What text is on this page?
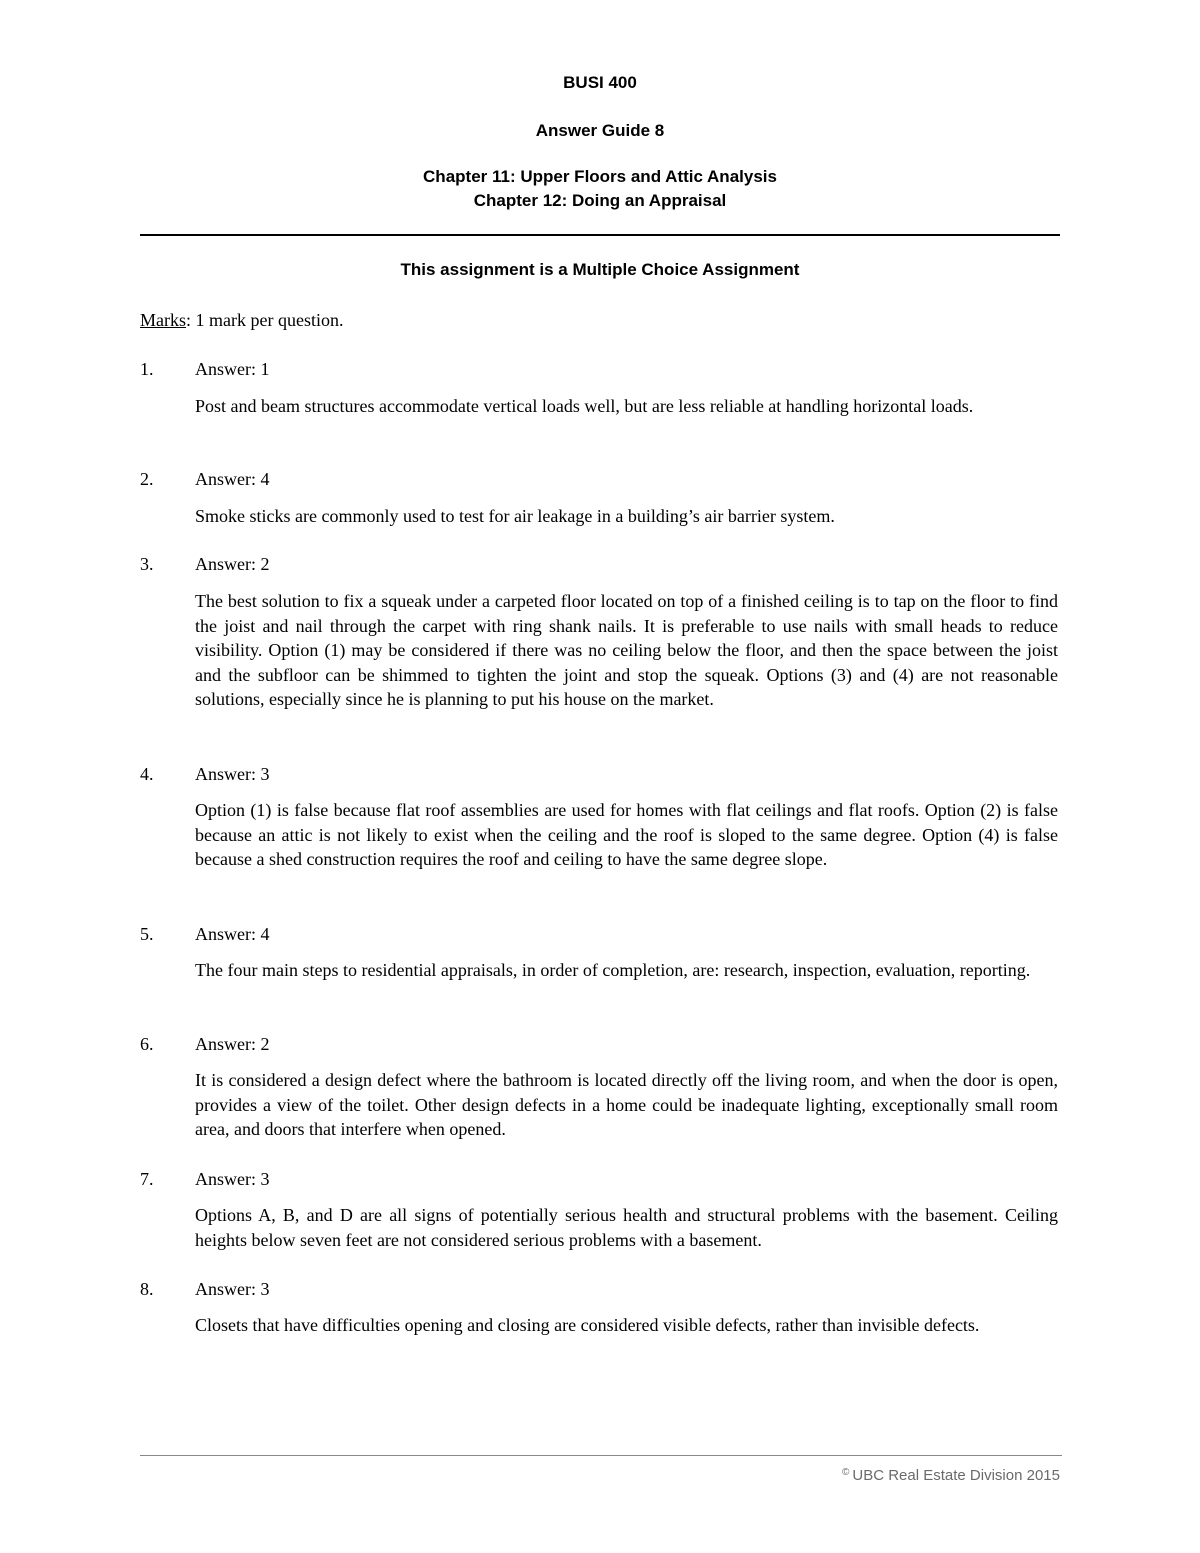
BUSI 400
Answer Guide 8
Chapter 11: Upper Floors and Attic Analysis
Chapter 12: Doing an Appraisal
This assignment is a Multiple Choice Assignment
Marks: 1 mark per question.
1. Answer: 1
Post and beam structures accommodate vertical loads well, but are less reliable at handling horizontal loads.
2. Answer: 4
Smoke sticks are commonly used to test for air leakage in a building’s air barrier system.
3. Answer: 2
The best solution to fix a squeak under a carpeted floor located on top of a finished ceiling is to tap on the floor to find the joist and nail through the carpet with ring shank nails. It is preferable to use nails with small heads to reduce visibility. Option (1) may be considered if there was no ceiling below the floor, and then the space between the joist and the subfloor can be shimmed to tighten the joint and stop the squeak. Options (3) and (4) are not reasonable solutions, especially since he is planning to put his house on the market.
4. Answer: 3
Option (1) is false because flat roof assemblies are used for homes with flat ceilings and flat roofs. Option (2) is false because an attic is not likely to exist when the ceiling and the roof is sloped to the same degree. Option (4) is false because a shed construction requires the roof and ceiling to have the same degree slope.
5. Answer: 4
The four main steps to residential appraisals, in order of completion, are: research, inspection, evaluation, reporting.
6. Answer: 2
It is considered a design defect where the bathroom is located directly off the living room, and when the door is open, provides a view of the toilet. Other design defects in a home could be inadequate lighting, exceptionally small room area, and doors that interfere when opened.
7. Answer: 3
Options A, B, and D are all signs of potentially serious health and structural problems with the basement. Ceiling heights below seven feet are not considered serious problems with a basement.
8. Answer: 3
Closets that have difficulties opening and closing are considered visible defects, rather than invisible defects.
© UBC Real Estate Division 2015
